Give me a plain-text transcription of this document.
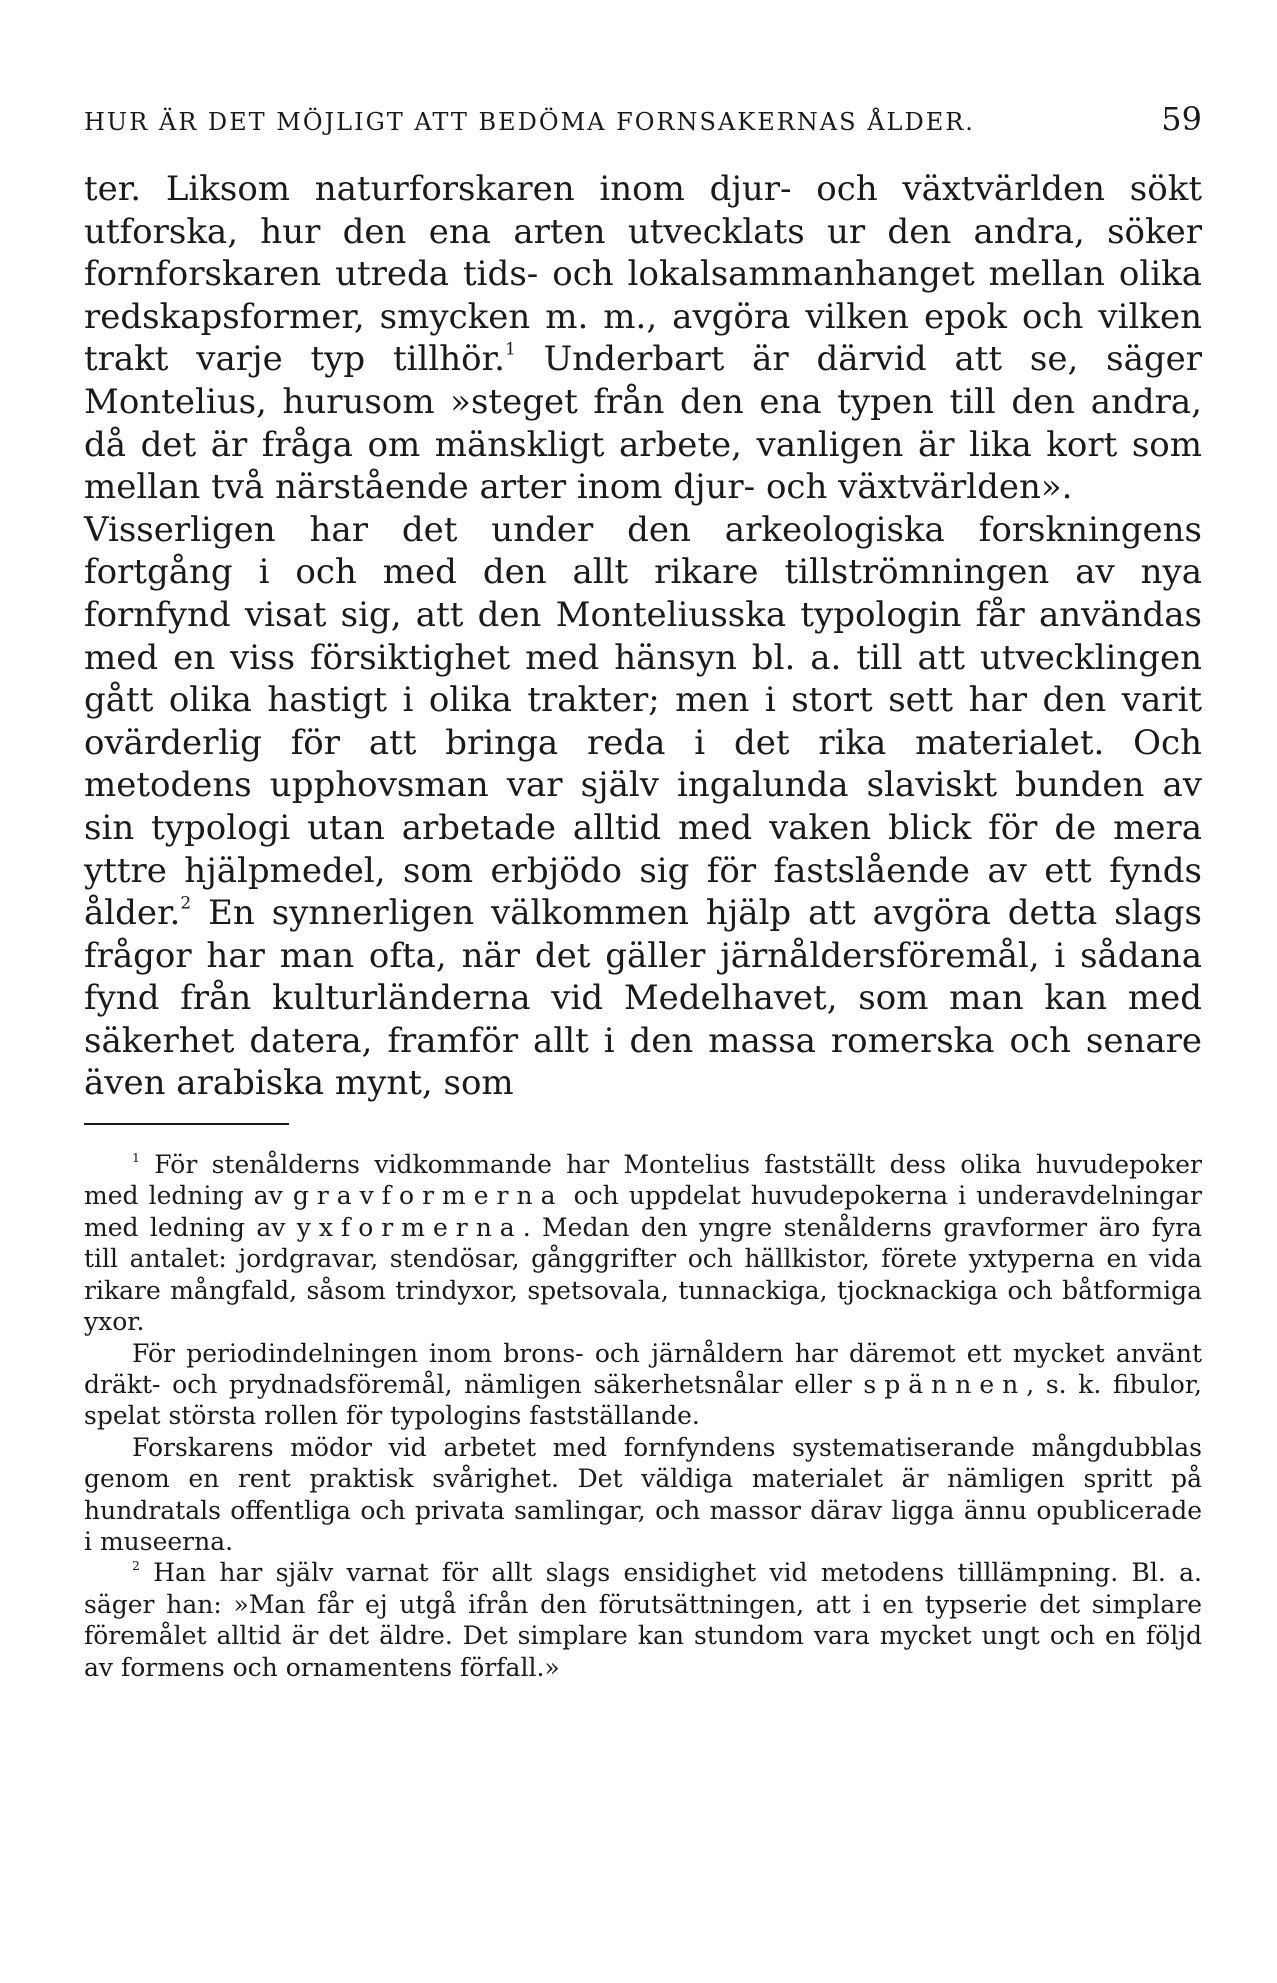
HUR ÄR DET MÖJLIGT ATT BEDÖMA FORNSAKERNAS ÅLDER.	59

ter. Liksom naturforskaren inom djur- och växtvärlden sökt utforska, hur den ena arten utvecklats ur den andra, söker fornforskaren utreda tids- och lokalsammanhanget mellan olika redskapsformer, smycken m. m., avgöra vilken epok och vilken trakt varje typ tillhör.$^1$ Underbart är därvid att se, säger Montelius, hurusom »steget från den ena typen till den andra, då det är fråga om mänskligt arbete, vanligen är lika kort som mellan två närstående arter inom djur- och växtvärlden».

Visserligen har det under den arkeologiska forskningens fortgång i och med den allt rikare tillströmningen av nya fornfynd visat sig, att den Monteliusska typologin får användas med en viss försiktighet med hänsyn bl. a. till att utvecklingen gått olika hastigt i olika trakter; men i stort sett har den varit ovärderlig för att bringa reda i det rika materialet. Och metodens upphovsman var själv ingalunda slaviskt bunden av sin typologi utan arbetade alltid med vaken blick för de mera yttre hjälpmedel, som erbjödo sig för fastslående av ett fynds ålder.$^2$ En synnerligen välkommen hjälp att avgöra detta slags frågor har man ofta, när det gäller järnåldersföremål, i sådana fynd från kulturländerna vid Medelhavet, som man kan med säkerhet datera, framför allt i den massa romerska och senare även arabiska mynt, som

$^1$ För stenålderns vidkommande har Montelius fastställt dess olika huvudepoker med ledning av gravformerna och uppdelat huvudepokerna i underavdelningar med ledning av yxformerna. Medan den yngre stenålderns gravformer äro fyra till antalet: jordgravar, stendösar, gånggrifter och hällkistor, förete yxtyperna en vida rikare mångfald, såsom trindyxor, spetsovala, tunnackiga, tjocknackiga och båtformiga yxor.

För periodindelningen inom brons- och järnåldern har däremot ett mycket använt dräkt- och prydnadsföremål, nämligen säkerhetsnålar eller spännen, s. k. fibulor, spelat största rollen för typologins fastställande.

Forskarens mödor vid arbetet med fornfyndens systematiserande mångdubblas genom en rent praktisk svårighet. Det väldiga materialet är nämligen spritt på hundratals offentliga och privata samlingar, och massor därav ligga ännu opublicerade i museerna.

$^2$ Han har själv varnat för allt slags ensidighet vid metodens tilllämpning. Bl. a. säger han: »Man får ej utgå ifrån den förutsättningen, att i en typserie det simplare föremålet alltid är det äldre. Det simplare kan stundom vara mycket ungt och en följd av formens och ornamentens förfall.»
